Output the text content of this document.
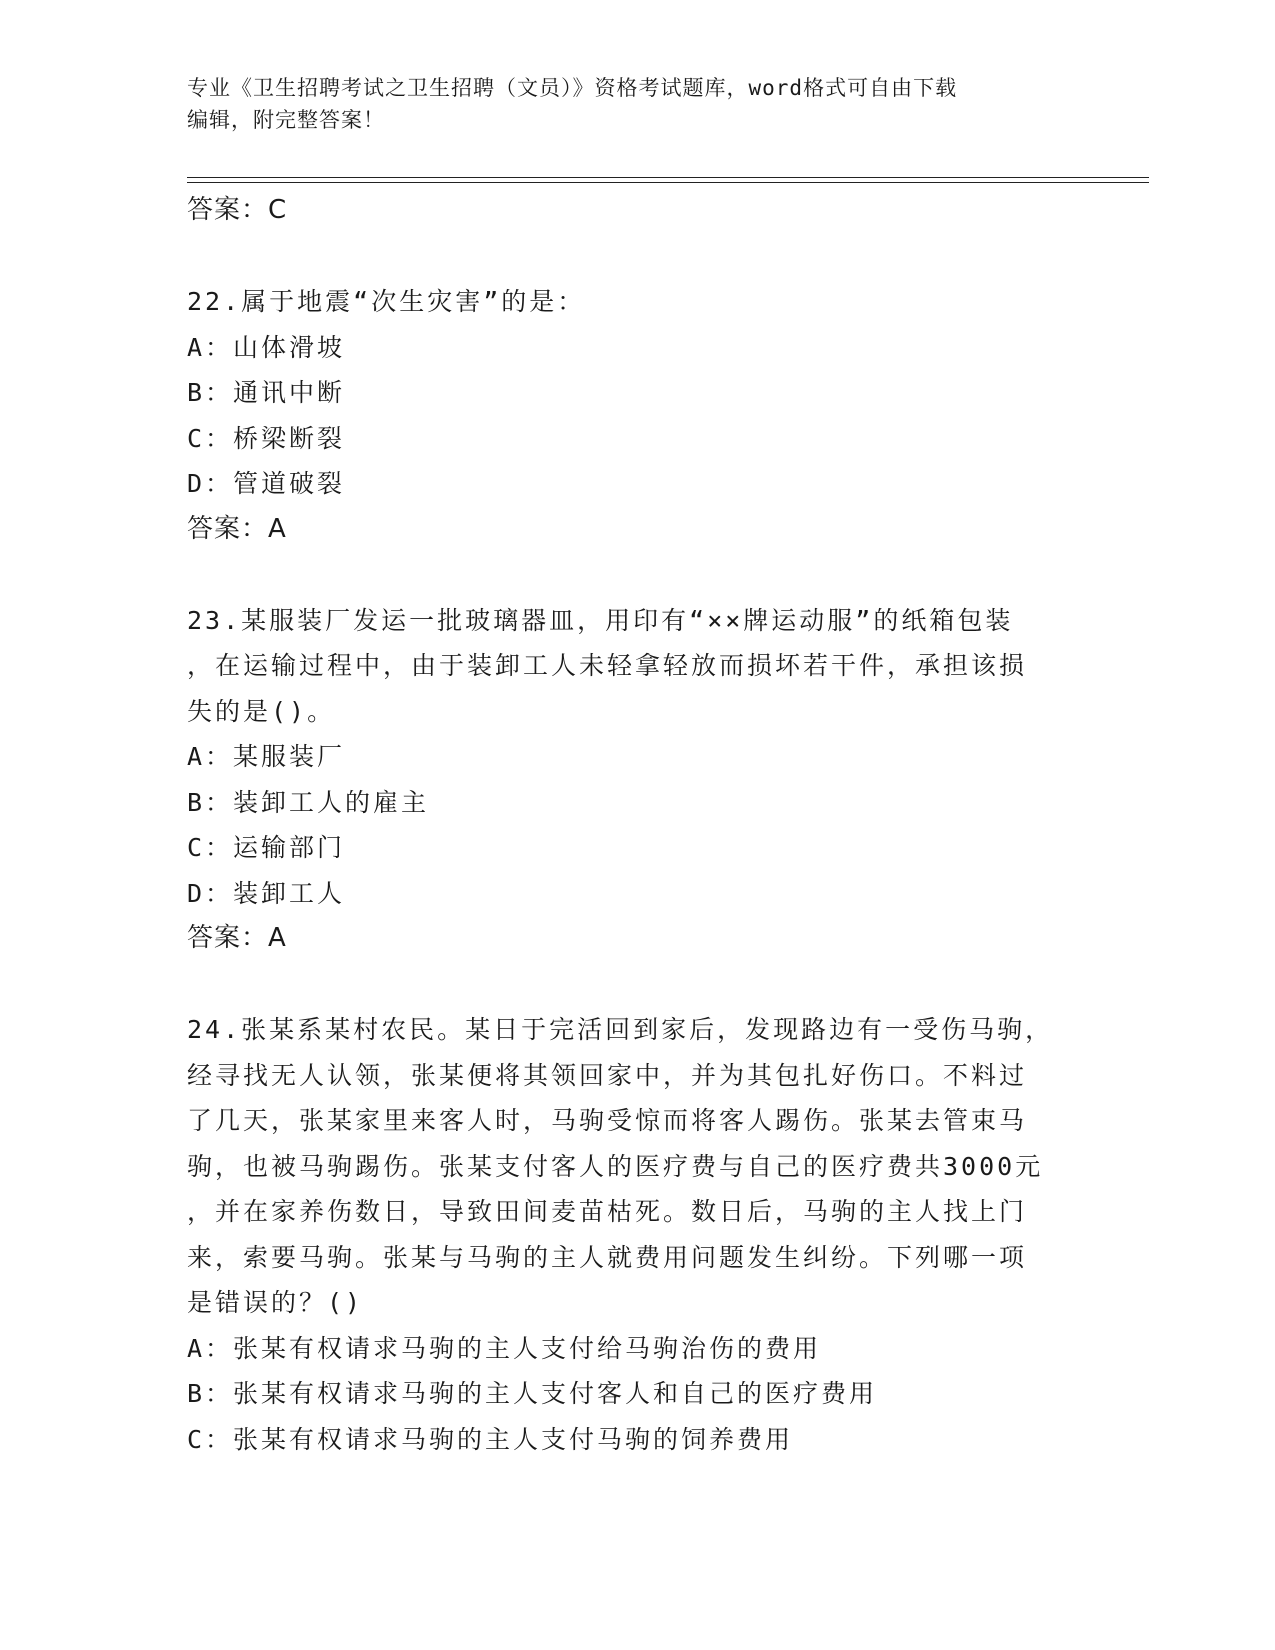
专业《卫生招聘考试之卫生招聘（文员）》资格考试题库，word格式可自由下载
编辑，附完整答案！
答案：C
22.属于地震“次生灾害”的是：
A：山体滑坡
B：通讯中断
C：桥梁断裂
D：管道破裂
答案：A
23.某服装厂发运一批玻璃器皿，用印有“××牌运动服”的纸箱包装
，在运输过程中，由于装卸工人未轻拿轻放而损坏若干件，承担该损
失的是()。
A：某服装厂
B：装卸工人的雇主
C：运输部门
D：装卸工人
答案：A
24.张某系某村农民。某日于完活回到家后，发现路边有一受伤马驹，
经寻找无人认领，张某便将其领回家中，并为其包扎好伤口。不料过
了几天，张某家里来客人时，马驹受惊而将客人踢伤。张某去管束马
驹，也被马驹踢伤。张某支付客人的医疗费与自己的医疗费共3000元
，并在家养伤数日，导致田间麦苗枯死。数日后，马驹的主人找上门
来，索要马驹。张某与马驹的主人就费用问题发生纠纷。下列哪一项
是错误的？()
A：张某有权请求马驹的主人支付给马驹治伤的费用
B：张某有权请求马驹的主人支付客人和自己的医疗费用
C：张某有权请求马驹的主人支付马驹的饲养费用
